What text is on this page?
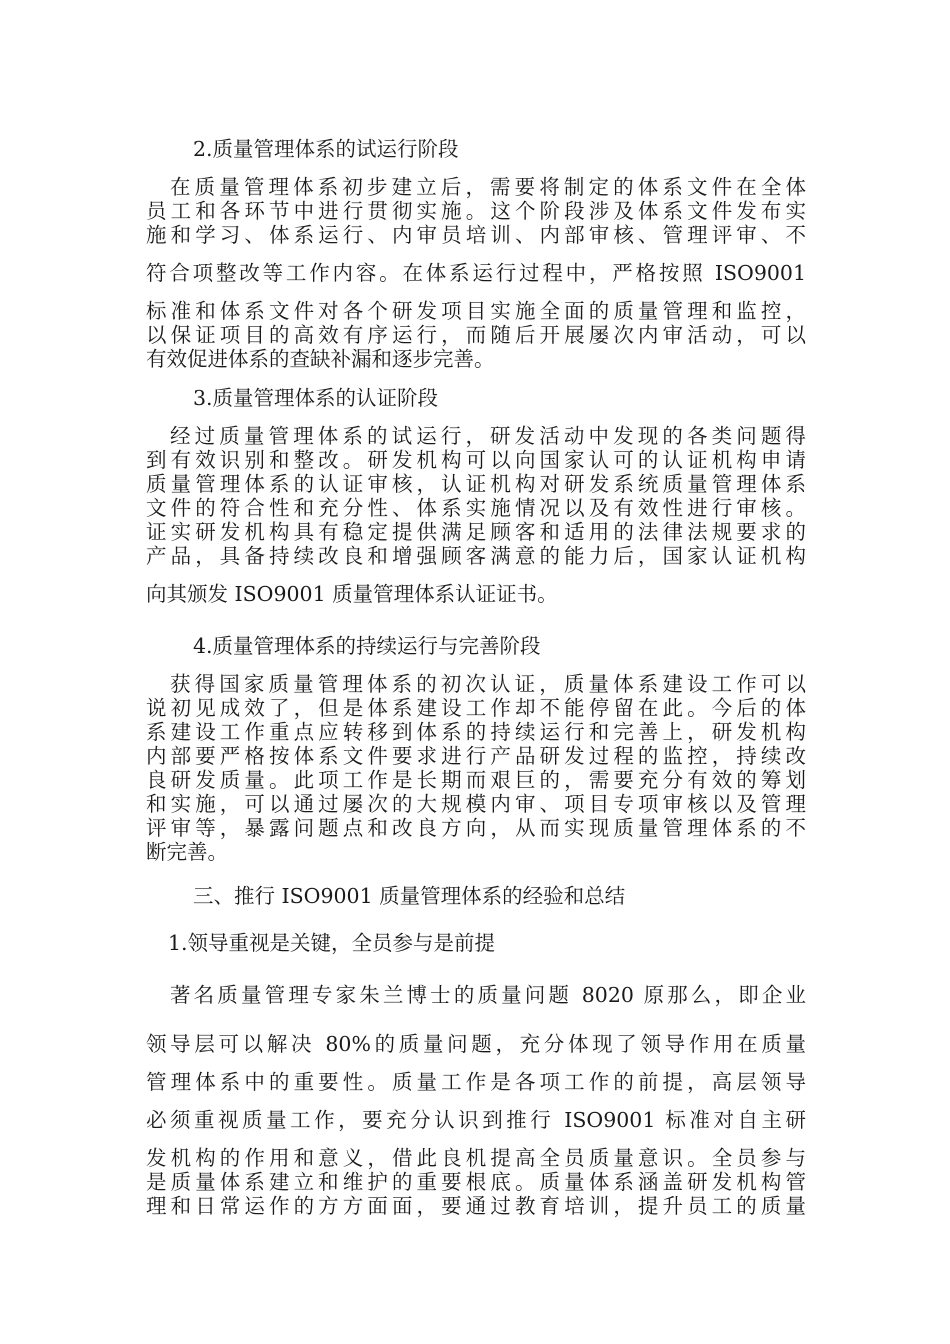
2.质量管理体系的试运行阶段
在质量管理体系初步建立后，需要将制定的体系文件在全体
员工和各环节中进行贯彻实施。这个阶段涉及体系文件发布实
施和学习、体系运行、内审员培训、内部审核、管理评审、不
符合项整改等工作内容。在体系运行过程中，严格按照 ISO9001
标准和体系文件对各个研发项目实施全面的质量管理和监控，
以保证项目的高效有序运行，而随后开展屡次内审活动，可以
有效促进体系的查缺补漏和逐步完善。
3.质量管理体系的认证阶段
经过质量管理体系的试运行，研发活动中发现的各类问题得
到有效识别和整改。研发机构可以向国家认可的认证机构申请
质量管理体系的认证审核，认证机构对研发系统质量管理体系
文件的符合性和充分性、体系实施情况以及有效性进行审核。
证实研发机构具有稳定提供满足顾客和适用的法律法规要求的
产品，具备持续改良和增强顾客满意的能力后，国家认证机构
向其颁发 ISO9001 质量管理体系认证证书。
4.质量管理体系的持续运行与完善阶段
获得国家质量管理体系的初次认证，质量体系建设工作可以
说初见成效了，但是体系建设工作却不能停留在此。今后的体
系建设工作重点应转移到体系的持续运行和完善上，研发机构
内部要严格按体系文件要求进行产品研发过程的监控，持续改
良研发质量。此项工作是长期而艰巨的，需要充分有效的筹划
和实施，可以通过屡次的大规模内审、项目专项审核以及管理
评审等，暴露问题点和改良方向，从而实现质量管理体系的不
断完善。
三、推行 ISO9001 质量管理体系的经验和总结
1.领导重视是关键，全员参与是前提
著名质量管理专家朱兰博士的质量问题 8020 原那么，即企业
领导层可以解决 80%的质量问题，充分体现了领导作用在质量
管理体系中的重要性。质量工作是各项工作的前提，高层领导
必须重视质量工作，要充分认识到推行 ISO9001 标准对自主研
发机构的作用和意义，借此良机提高全员质量意识。全员参与
是质量体系建立和维护的重要根底。质量体系涵盖研发机构管
理和日常运作的方方面面，要通过教育培训，提升员工的质量
